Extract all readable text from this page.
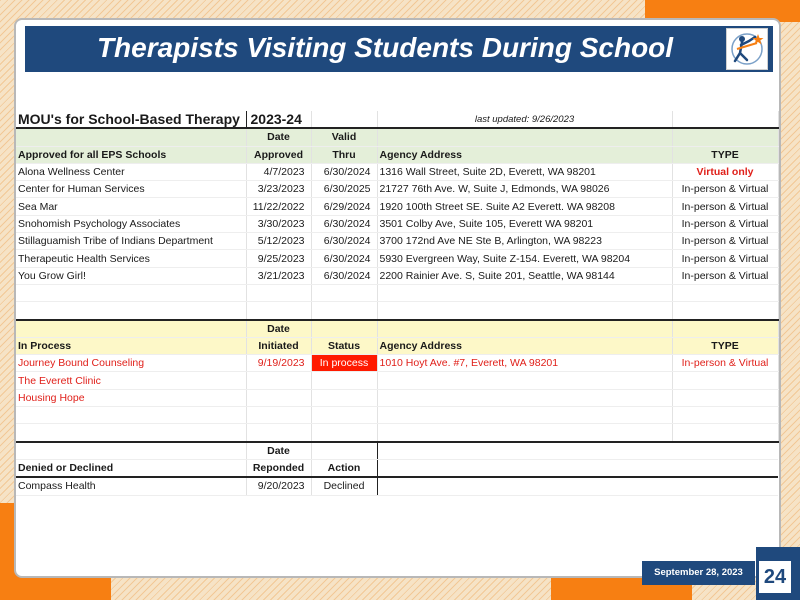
Therapists Visiting Students During School
MOU's for School-Based Therapy	2023-24		last updated: 9/26/2023	
	Date	Valid		
Approved for all EPS Schools	Approved	Thru	Agency Address	TYPE
Alona Wellness Center	4/7/2023	6/30/2024	1316 Wall Street, Suite 2D, Everett, WA 98201	Virtual only
Center for Human Services	3/23/2023	6/30/2025	21727 76th Ave. W, Suite J, Edmonds, WA 98026	In-person & Virtual
Sea Mar	11/22/2022	6/29/2024	1920 100th Street SE. Suite A2 Everett. WA 98208	In-person & Virtual
Snohomish Psychology Associates	3/30/2023	6/30/2024	3501 Colby Ave, Suite 105, Everett WA 98201	In-person & Virtual
Stillaguamish Tribe of Indians Department	5/12/2023	6/30/2024	3700 172nd Ave NE Ste B, Arlington, WA 98223	In-person & Virtual
Therapeutic Health Services	9/25/2023	6/30/2024	5930 Evergreen Way, Suite Z-154. Everett, WA 98204	In-person & Virtual
You Grow Girl!	3/21/2023	6/30/2024	2200 Rainier Ave. S, Suite 201, Seattle, WA 98144	In-person & Virtual

	Date			
In Process	Initiated	Status	Agency Address	TYPE
Journey Bound Counseling	9/19/2023	In process	1010 Hoyt Ave. #7, Everett, WA 98201	In-person & Virtual
The Everett Clinic				
Housing Hope				

	Date			
Denied or Declined	Reponded	Action		
Compass Health	9/20/2023	Declined		
September 28, 2023	24
